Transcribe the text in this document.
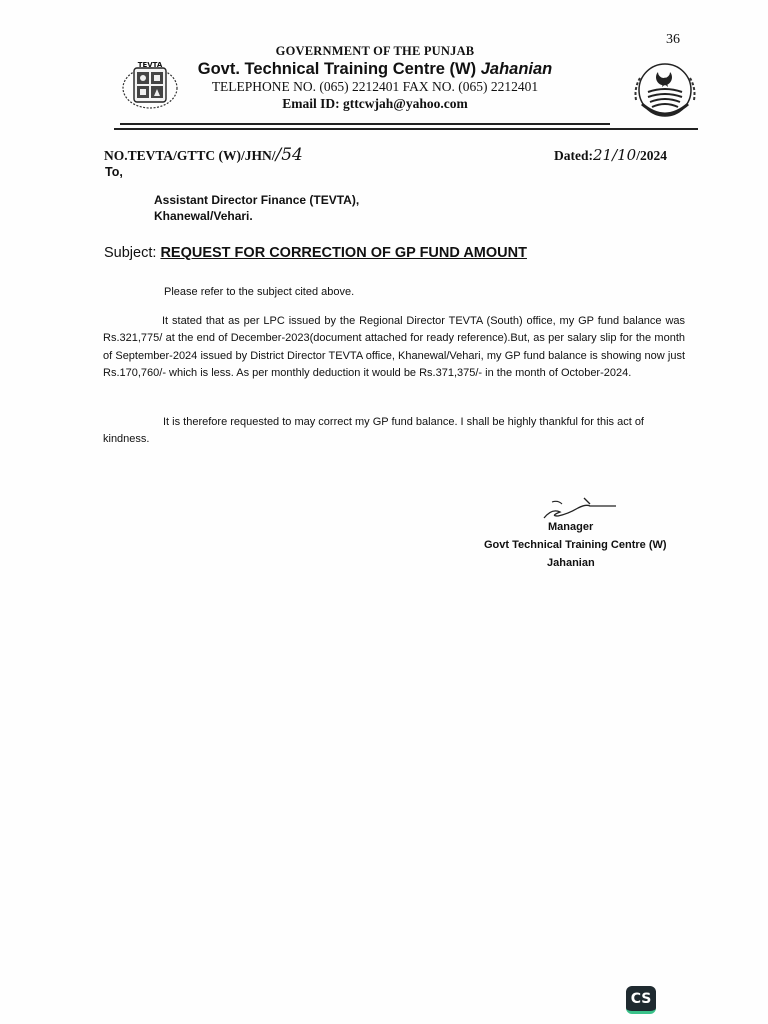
36
TEVTA
GOVERNMENT OF THE PUNJAB
Govt. Technical Training Centre (W) Jahanian
TELEPHONE NO. (065) 2212401 FAX NO. (065) 2212401
Email ID: gttcwjah@yahoo.com
NO.TEVTA/GTTC (W)/JHN//54	Dated:21/10/2024
To,
Assistant Director Finance (TEVTA),
Khanewal/Vehari.
Subject: REQUEST FOR CORRECTION OF GP FUND AMOUNT
Please refer to the subject cited above.
It stated that as per LPC issued by the Regional Director TEVTA (South) office, my GP fund balance was Rs.321,775/ at the end of December-2023(document attached for ready reference).But, as per salary slip for the month of September-2024 issued by District Director TEVTA office, Khanewal/Vehari, my GP fund balance is showing now just Rs.170,760/- which is less. As per monthly deduction it would be Rs.371,375/- in the month of October-2024.
It is therefore requested to may correct my GP fund balance. I shall be highly thankful for this act of kindness.
Manager
Govt Technical Training Centre (W)
Jahanian
CS
